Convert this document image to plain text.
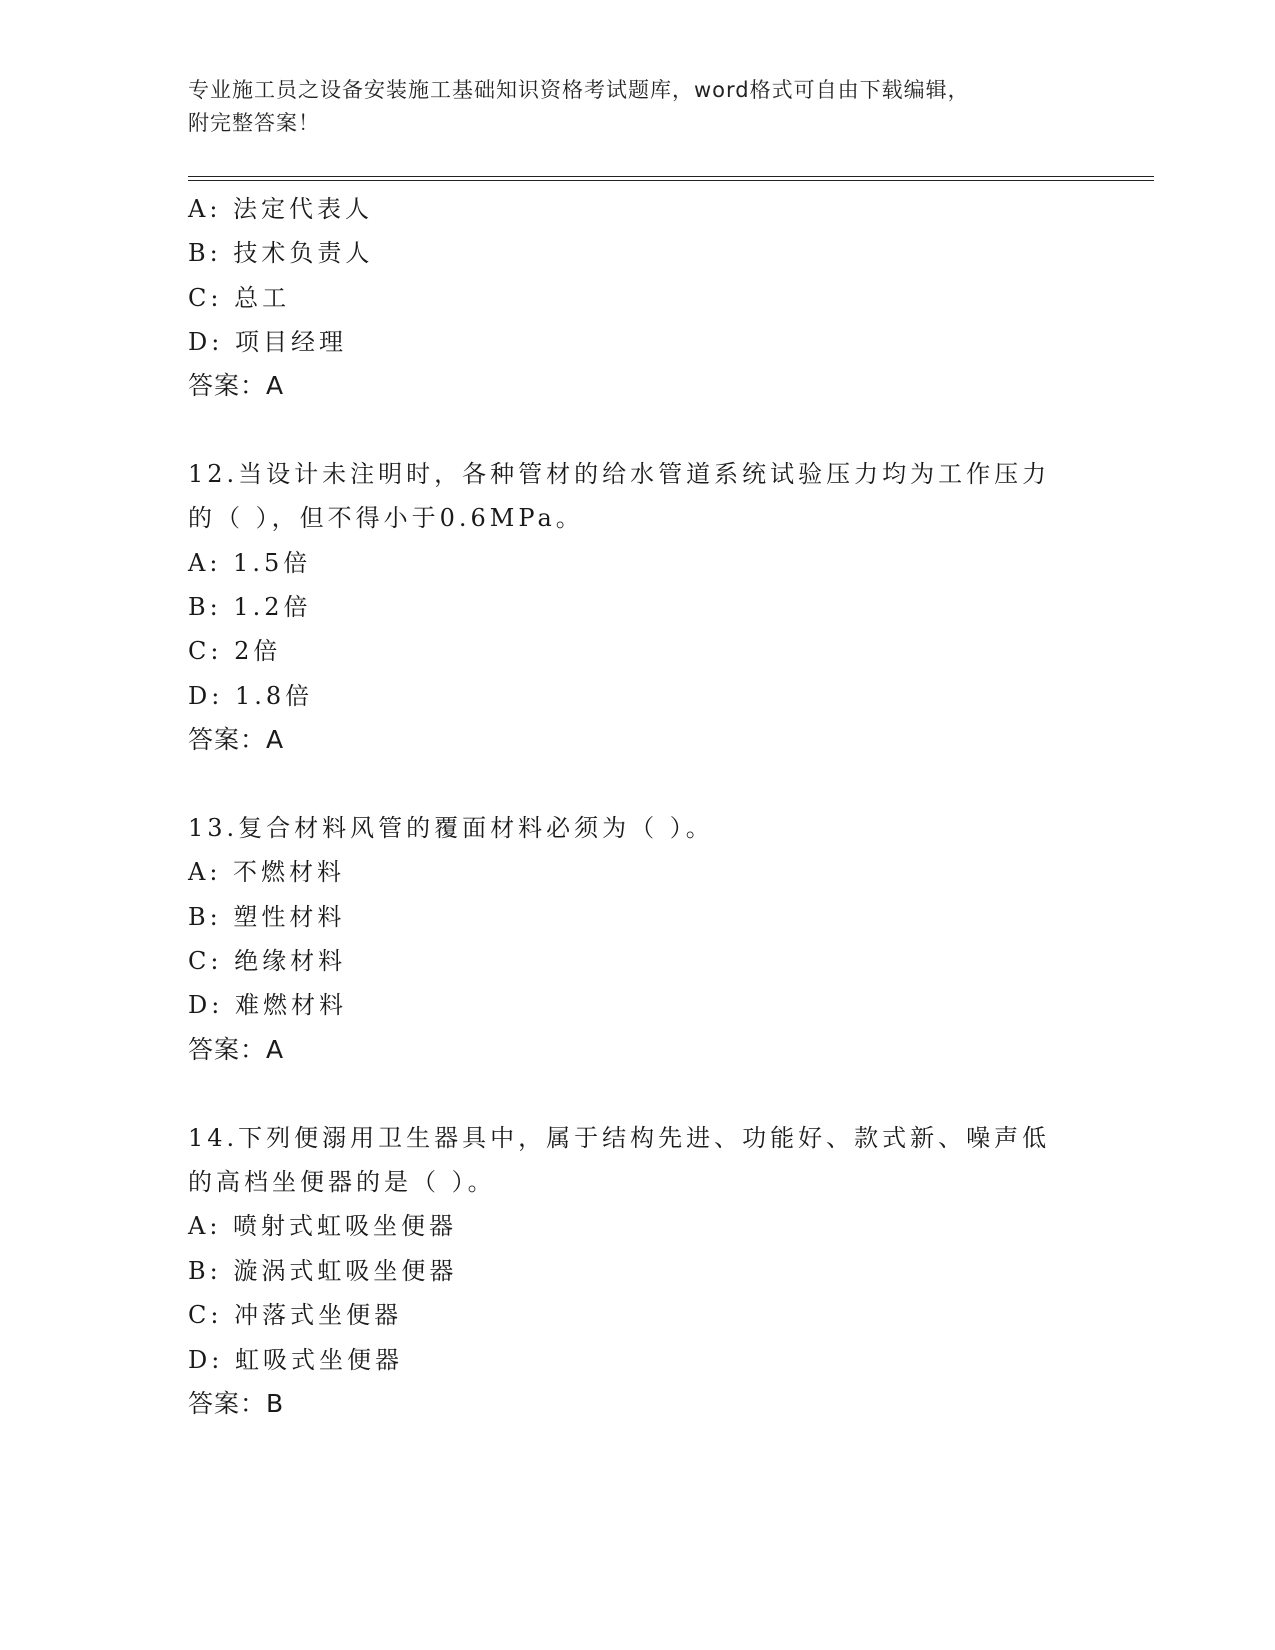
专业施工员之设备安装施工基础知识资格考试题库，word格式可自由下载编辑，
附完整答案！
A: 法定代表人
B: 技术负责人
C: 总工
D: 项目经理
答案：A
12.当设计未注明时，各种管材的给水管道系统试验压力均为工作压力
的（ ），但不得小于0.6MPa。
A: 1.5倍
B: 1.2倍
C: 2倍
D: 1.8倍
答案：A
13.复合材料风管的覆面材料必须为（ ）。
A: 不燃材料
B: 塑性材料
C: 绝缘材料
D: 难燃材料
答案：A
14.下列便溺用卫生器具中，属于结构先进、功能好、款式新、噪声低
的高档坐便器的是（ ）。
A: 喷射式虹吸坐便器
B: 漩涡式虹吸坐便器
C: 冲落式坐便器
D: 虹吸式坐便器
答案：B
